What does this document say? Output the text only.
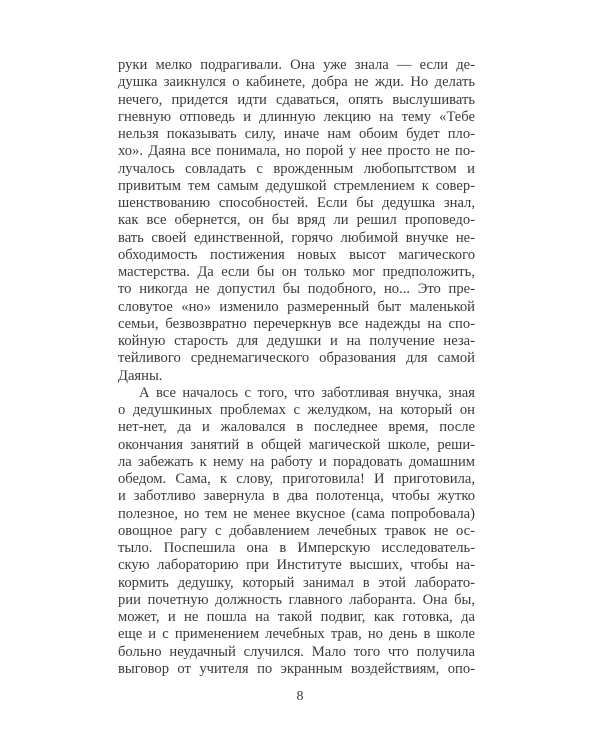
руки мелко подрагивали. Она уже знала — если де-
душка заикнулся о кабинете, добра не жди. Но делать
нечего, придется идти сдаваться, опять выслушивать
гневную отповедь и длинную лекцию на тему «Тебе
нельзя показывать силу, иначе нам обоим будет пло-
хо». Даяна все понимала, но порой у нее просто не по-
лучалось совладать с врожденным любопытством и
привитым тем самым дедушкой стремлением к совер-
шенствованию способностей. Если бы дедушка знал,
как все обернется, он бы вряд ли решил проповедо-
вать своей единственной, горячо любимой внучке не-
обходимость постижения новых высот магического
мастерства. Да если бы он только мог предположить,
то никогда не допустил бы подобного, но... Это пре-
словутое «но» изменило размеренный быт маленькой
семьи, безвозвратно перечеркнув все надежды на спо-
койную старость для дедушки и на получение неза-
тейливого среднемагического образования для самой
Даяны.
А все началось с того, что заботливая внучка, зная
о дедушкиных проблемах с желудком, на который он
нет-нет, да и жаловался в последнее время, после
окончания занятий в общей магической школе, реши-
ла забежать к нему на работу и порадовать домашним
обедом. Сама, к слову, приготовила! И приготовила,
и заботливо завернула в два полотенца, чтобы жутко
полезное, но тем не менее вкусное (сама попробовала)
овощное рагу с добавлением лечебных травок не ос-
тыло. Поспешила она в Имперскую исследователь-
скую лабораторию при Институте высших, чтобы на-
кормить дедушку, который занимал в этой лаборато-
рии почетную должность главного лаборанта. Она бы,
может, и не пошла на такой подвиг, как готовка, да
еще и с применением лечебных трав, но день в школе
больно неудачный случился. Мало того что получила
выговор от учителя по экранным воздействиям, опо-
8
